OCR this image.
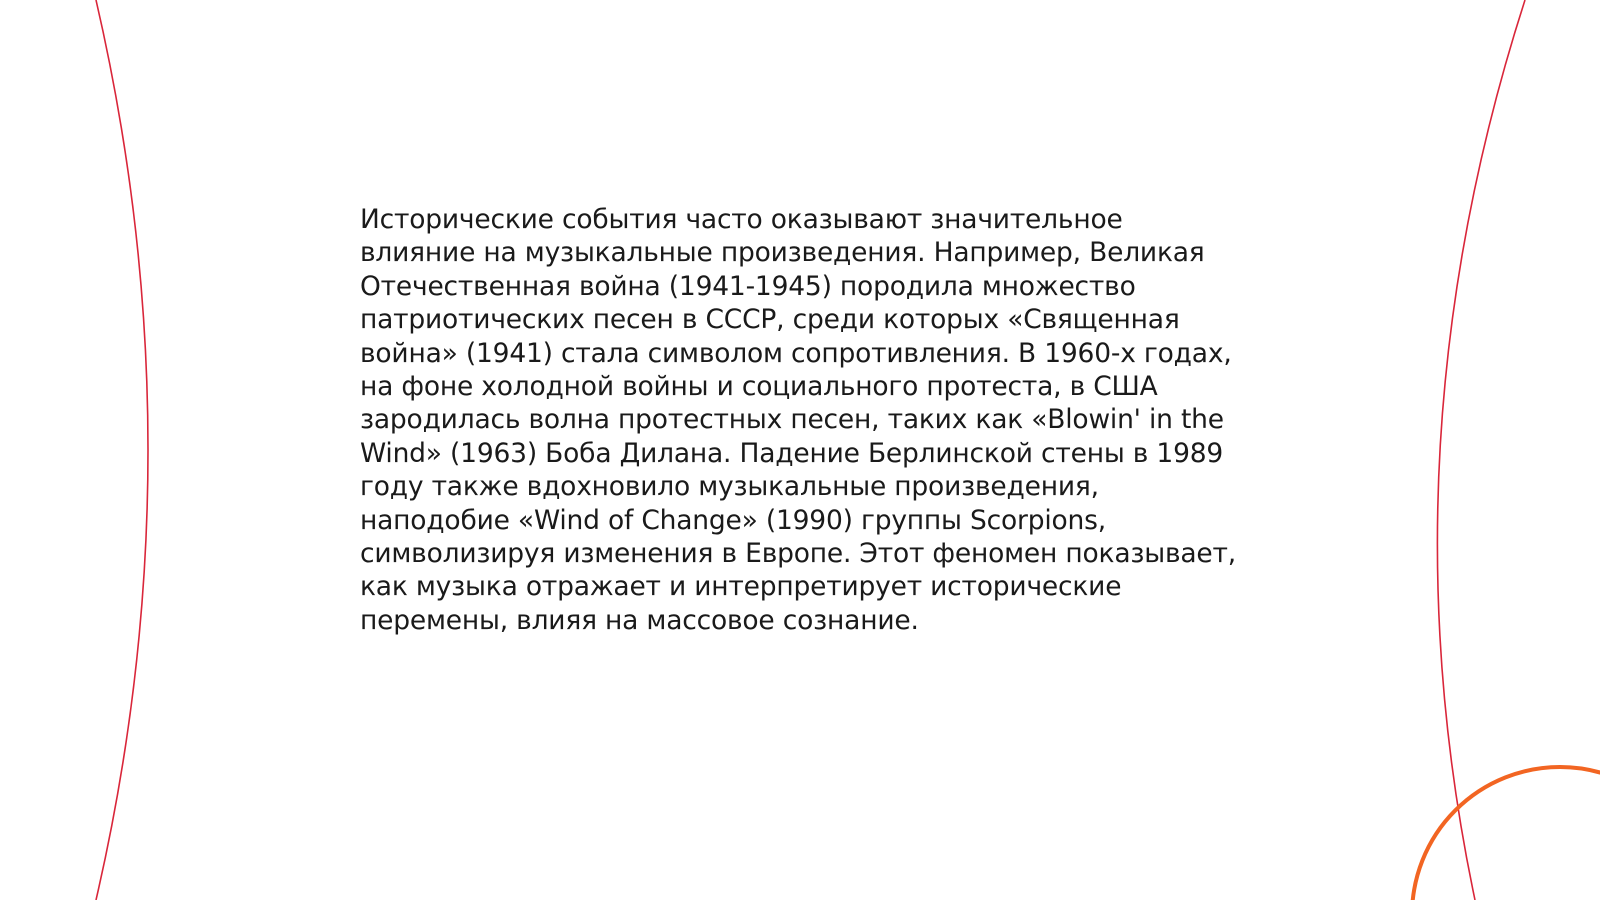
Исторические события часто оказывают значительное влияние на музыкальные произведения. Например, Великая Отечественная война (1941-1945) породила множество патриотических песен в СССР, среди которых «Священная война» (1941) стала символом сопротивления. В 1960-х годах, на фоне холодной войны и социального протеста, в США зародилась волна протестных песен, таких как «Blowin' in the Wind» (1963) Боба Дилана. Падение Берлинской стены в 1989 году также вдохновило музыкальные произведения, наподобие «Wind of Change» (1990) группы Scorpions, символизируя изменения в Европе. Этот феномен показывает, как музыка отражает и интерпретирует исторические перемены, влияя на массовое сознание.
